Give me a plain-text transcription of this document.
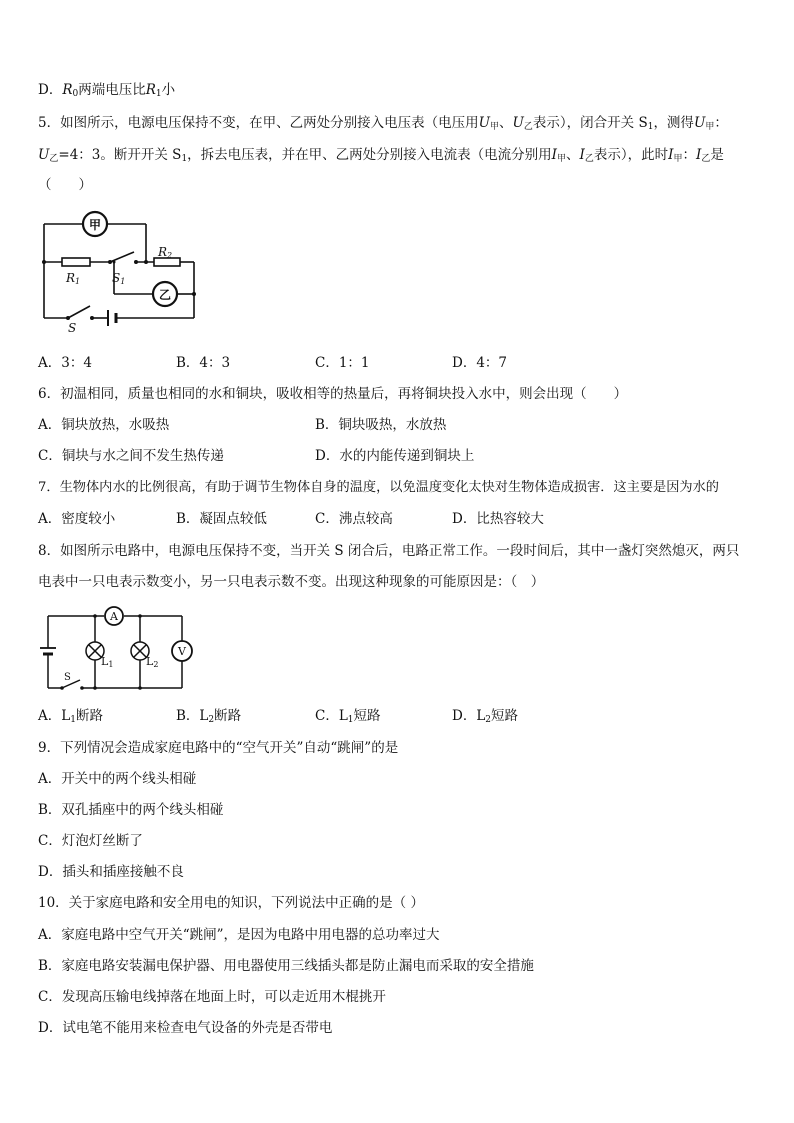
D．$R_0$两端电压比$R_1$小
5．如图所示，电源电压保持不变，在甲、乙两处分别接入电压表（电压用$U_甲$、$U_乙$表示），闭合开关 $S_1$，测得$U_甲$：
$U_乙=4$：3。断开开关 $S_1$，拆去电压表，并在甲、乙两处分别接入电流表（电流分别用$I_甲$、$I_乙$表示），此时$I_甲$：$I_乙$是
（　　）
甲
乙
R1
R2
S1
S
A．3：4	B．4：3	C．1：1	D．4：7
6．初温相同，质量也相同的水和铜块，吸收相等的热量后，再将铜块投入水中，则会出现（　　）
A．铜块放热，水吸热	B．铜块吸热，水放热
C．铜块与水之间不发生热传递	D．水的内能传递到铜块上
7．生物体内水的比例很高，有助于调节生物体自身的温度，以免温度变化太快对生物体造成损害．这主要是因为水的
A．密度较小	B．凝固点较低	C．沸点较高	D．比热容较大
8．如图所示电路中，电源电压保持不变，当开关 S 闭合后，电路正常工作。一段时间后，其中一盏灯突然熄灭，两只
电表中一只电表示数变小，另一只电表示数不变。出现这种现象的可能原因是：（　）
A
V
L1	L2
S
A．$L_1$断路	B．$L_2$断路	C．$L_1$短路	D．$L_2$短路
9．下列情况会造成家庭电路中的“空气开关”自动“跳闸”的是
A．开关中的两个线头相碰
B．双孔插座中的两个线头相碰
C．灯泡灯丝断了
D．插头和插座接触不良
10．关于家庭电路和安全用电的知识，下列说法中正确的是（ ）
A．家庭电路中空气开关“跳闸”，是因为电路中用电器的总功率过大
B．家庭电路安装漏电保护器、用电器使用三线插头都是防止漏电而采取的安全措施
C．发现高压输电线掉落在地面上时，可以走近用木棍挑开
D．试电笔不能用来检查电气设备的外壳是否带电
